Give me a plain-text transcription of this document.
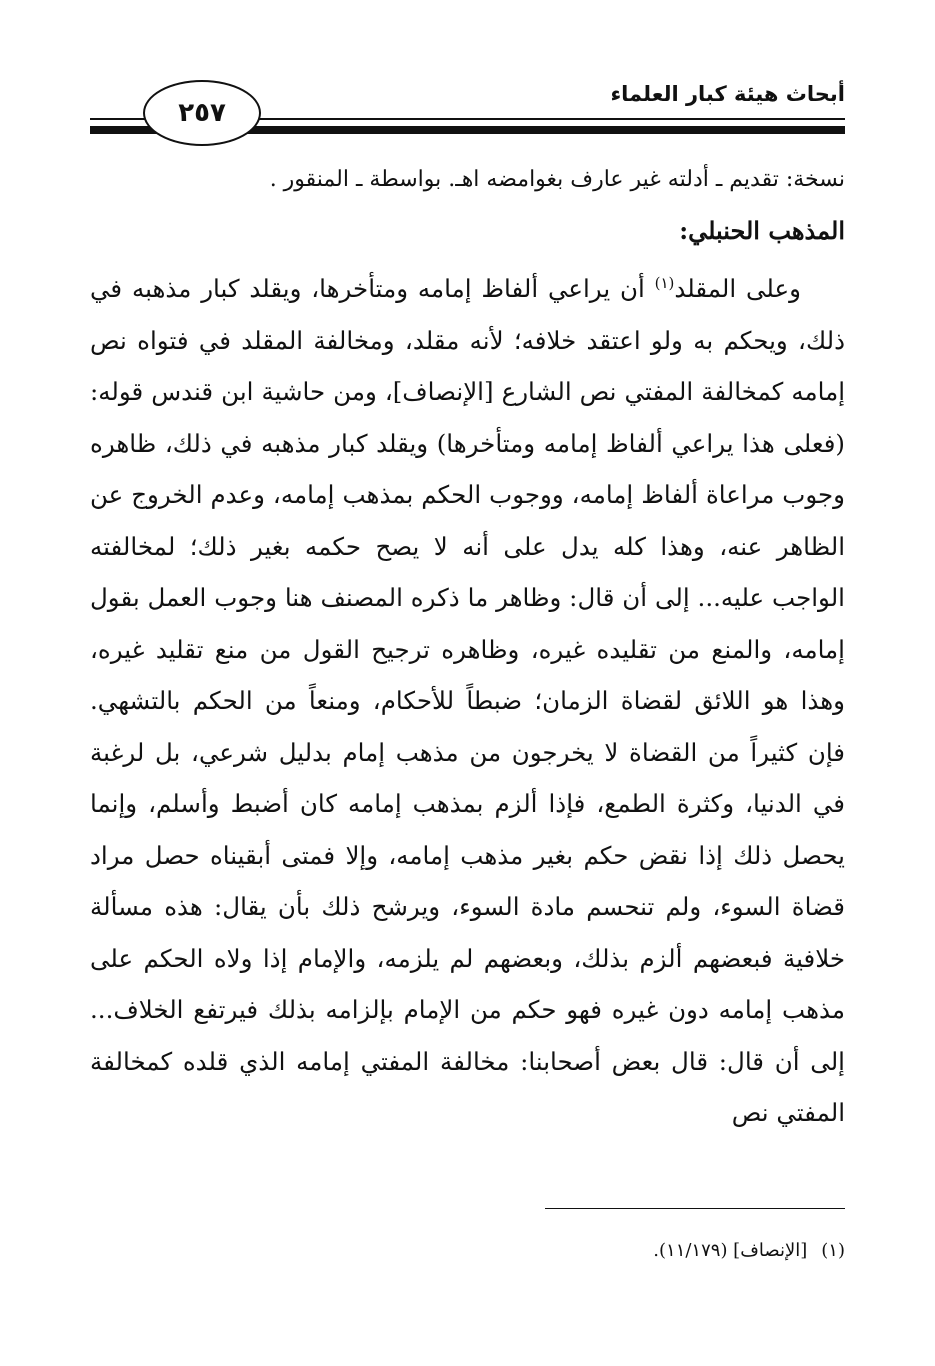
أبحاث هيئة كبار العلماء
٢٥٧

نسخة: تقديم ـ أدلته غير عارف بغوامضه اهـ. بواسطة ـ المنقور .

المذهب الحنبلي:

وعلى المقلد$^{(١)}$ أن يراعي ألفاظ إمامه ومتأخرها، ويقلد كبار مذهبه في ذلك، ويحكم به ولو اعتقد خلافه؛ لأنه مقلد، ومخالفة المقلد في فتواه نص إمامه كمخالفة المفتي نص الشارع [الإنصاف]، ومن حاشية ابن قندس قوله: (فعلى هذا يراعي ألفاظ إمامه ومتأخرها) ويقلد كبار مذهبه في ذلك، ظاهره وجوب مراعاة ألفاظ إمامه، ووجوب الحكم بمذهب إمامه، وعدم الخروج عن الظاهر عنه، وهذا كله يدل على أنه لا يصح حكمه بغير ذلك؛ لمخالفته الواجب عليه... إلى أن قال: وظاهر ما ذكره المصنف هنا وجوب العمل بقول إمامه، والمنع من تقليده غيره، وظاهره ترجيح القول من منع تقليد غيره، وهذا هو اللائق لقضاة الزمان؛ ضبطاً للأحكام، ومنعاً من الحكم بالتشهي. فإن كثيراً من القضاة لا يخرجون من مذهب إمام بدليل شرعي، بل لرغبة في الدنيا، وكثرة الطمع، فإذا ألزم بمذهب إمامه كان أضبط وأسلم، وإنما يحصل ذلك إذا نقض حكم بغير مذهب إمامه، وإلا فمتى أبقيناه حصل مراد قضاة السوء، ولم تنحسم مادة السوء، ويرشح ذلك بأن يقال: هذه مسألة خلافية فبعضهم ألزم بذلك، وبعضهم لم يلزمه، والإمام إذا ولاه الحكم على مذهب إمامه دون غيره فهو حكم من الإمام بإلزامه بذلك فيرتفع الخلاف... إلى أن قال: قال بعض أصحابنا: مخالفة المفتي إمامه الذي قلده كمخالفة المفتي نص

(١)[الإنصاف] (١١/١٧٩).
